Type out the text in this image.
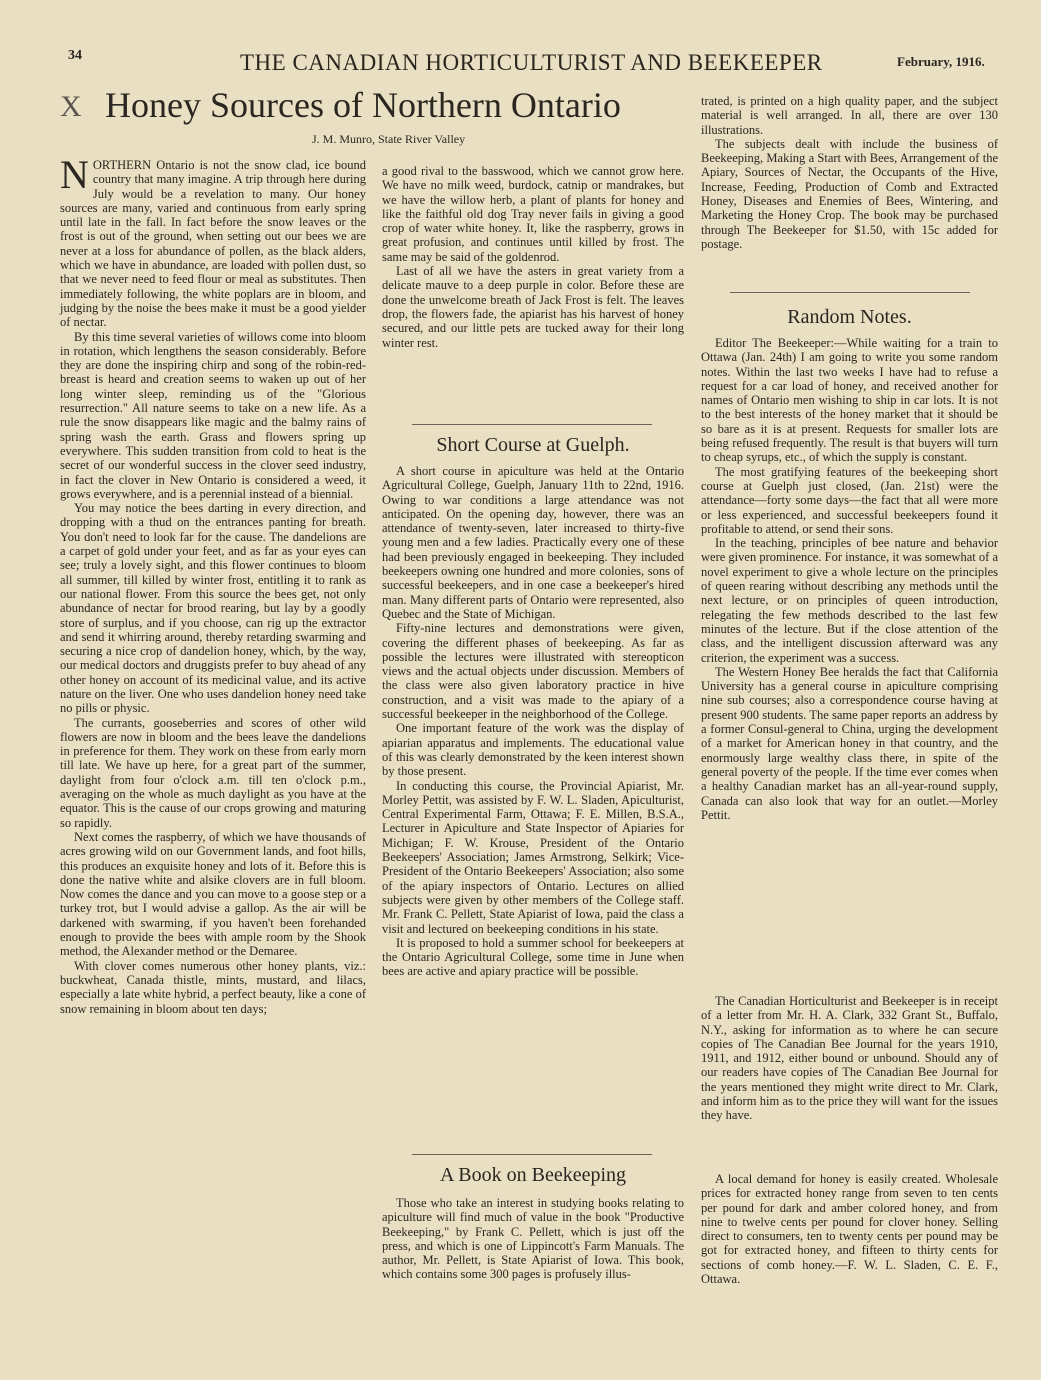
34	THE CANADIAN HORTICULTURIST AND BEEKEEPER	February, 1916.
X Honey Sources of Northern Ontario
J. M. Munro, State River Valley

NORTHERN Ontario is not the snow clad, ice bound country that many imagine. A trip through here during July would be a revelation to many. Our honey sources are many, varied and continuous from early spring until late in the fall. In fact before the snow leaves or the frost is out of the ground, when setting out our bees we are never at a loss for abundance of pollen, as the black alders, which we have in abundance, are loaded with pollen dust, so that we never need to feed flour or meal as substitutes. Then immediately following, the white poplars are in bloom, and judging by the noise the bees make it must be a good yielder of nectar.

By this time several varieties of willows come into bloom in rotation, which lengthens the season considerably. Before they are done the inspiring chirp and song of the robin-red-breast is heard and creation seems to waken up out of her long winter sleep, reminding us of the "Glorious resurrection." All nature seems to take on a new life. As a rule the snow disappears like magic and the balmy rains of spring wash the earth. Grass and flowers spring up everywhere. This sudden transition from cold to heat is the secret of our wonderful success in the clover seed industry, in fact the clover in New Ontario is considered a weed, it grows everywhere, and is a perennial instead of a biennial.

You may notice the bees darting in every direction, and dropping with a thud on the entrances panting for breath. You don't need to look far for the cause. The dandelions are a carpet of gold under your feet, and as far as your eyes can see; truly a lovely sight, and this flower continues to bloom all summer, till killed by winter frost, entitling it to rank as our national flower. From this source the bees get, not only abundance of nectar for brood rearing, but lay by a goodly store of surplus, and if you choose, can rig up the extractor and send it whirring around, thereby retarding swarming and securing a nice crop of dandelion honey, which, by the way, our medical doctors and druggists prefer to buy ahead of any other honey on account of its medicinal value, and its active nature on the liver. One who uses dandelion honey need take no pills or physic.

The currants, gooseberries and scores of other wild flowers are now in bloom and the bees leave the dandelions in preference for them. They work on these from early morn till late. We have up here, for a great part of the summer, daylight from four o'clock a.m. till ten o'clock p.m., averaging on the whole as much daylight as you have at the equator. This is the cause of our crops growing and maturing so rapidly.

Next comes the raspberry, of which we have thousands of acres growing wild on our Government lands, and foot hills, this produces an exquisite honey and lots of it. Before this is done the native white and alsike clovers are in full bloom. Now comes the dance and you can move to a goose step or a turkey trot, but I would advise a gallop. As the air will be darkened with swarming, if you haven't been forehanded enough to provide the bees with ample room by the Shook method, the Alexander method or the Demaree.

With clover comes numerous other honey plants, viz.: buckwheat, Canada thistle, mints, mustard, and lilacs, especially a late white hybrid, a perfect beauty, like a cone of snow remaining in bloom about ten days;

a good rival to the basswood, which we cannot grow here. We have no milk weed, burdock, catnip or mandrakes, but we have the willow herb, a plant of plants for honey and like the faithful old dog Tray never fails in giving a good crop of water white honey. It, like the raspberry, grows in great profusion, and continues until killed by frost. The same may be said of the goldenrod.

Last of all we have the asters in great variety from a delicate mauve to a deep purple in color. Before these are done the unwelcome breath of Jack Frost is felt. The leaves drop, the flowers fade, the apiarist has his harvest of honey secured, and our little pets are tucked away for their long winter rest.

Short Course at Guelph.

A short course in apiculture was held at the Ontario Agricultural College, Guelph, January 11th to 22nd, 1916. Owing to war conditions a large attendance was not anticipated. On the opening day, however, there was an attendance of twenty-seven, later increased to thirty-five young men and a few ladies. Practically every one of these had been previously engaged in beekeeping. They included beekeepers owning one hundred and more colonies, sons of successful beekeepers, and in one case a beekeeper's hired man. Many different parts of Ontario were represented, also Quebec and the State of Michigan.

Fifty-nine lectures and demonstrations were given, covering the different phases of beekeeping. As far as possible the lectures were illustrated with stereopticon views and the actual objects under discussion. Members of the class were also given laboratory practice in hive construction, and a visit was made to the apiary of a successful beekeeper in the neighborhood of the College.

One important feature of the work was the display of apiarian apparatus and implements. The educational value of this was clearly demonstrated by the keen interest shown by those present.

In conducting this course, the Provincial Apiarist, Mr. Morley Pettit, was assisted by F. W. L. Sladen, Apiculturist, Central Experimental Farm, Ottawa; F. E. Millen, B.S.A., Lecturer in Apiculture and State Inspector of Apiaries for Michigan; F. W. Krouse, President of the Ontario Beekeepers' Association; James Armstrong, Selkirk; Vice-President of the Ontario Beekeepers' Association; also some of the apiary inspectors of Ontario. Lectures on allied subjects were given by other members of the College staff. Mr. Frank C. Pellett, State Apiarist of Iowa, paid the class a visit and lectured on beekeeping conditions in his state.

It is proposed to hold a summer school for beekeepers at the Ontario Agricultural College, some time in June when bees are active and apiary practice will be possible.

A Book on Beekeeping

Those who take an interest in studying books relating to apiculture will find much of value in the book "Productive Beekeeping," by Frank C. Pellett, which is just off the press, and which is one of Lippincott's Farm Manuals. The author, Mr. Pellett, is State Apiarist of Iowa. This book, which contains some 300 pages is profusely illus-

trated, is printed on a high quality paper, and the subject material is well arranged. In all, there are over 130 illustrations.

The subjects dealt with include the business of Beekeeping, Making a Start with Bees, Arrangement of the Apiary, Sources of Nectar, the Occupants of the Hive, Increase, Feeding, Production of Comb and Extracted Honey, Diseases and Enemies of Bees, Wintering, and Marketing the Honey Crop. The book may be purchased through The Beekeeper for $1.50, with 15c added for postage.

Random Notes.

Editor The Beekeeper:—While waiting for a train to Ottawa (Jan. 24th) I am going to write you some random notes. Within the last two weeks I have had to refuse a request for a car load of honey, and received another for names of Ontario men wishing to ship in car lots. It is not to the best interests of the honey market that it should be so bare as it is at present. Requests for smaller lots are being refused frequently. The result is that buyers will turn to cheap syrups, etc., of which the supply is constant.

The most gratifying features of the beekeeping short course at Guelph just closed, (Jan. 21st) were the attendance—forty some days—the fact that all were more or less experienced, and successful beekeepers found it profitable to attend, or send their sons.

In the teaching, principles of bee nature and behavior were given prominence. For instance, it was somewhat of a novel experiment to give a whole lecture on the principles of queen rearing without describing any methods until the next lecture, or on principles of queen introduction, relegating the few methods described to the last few minutes of the lecture. But if the close attention of the class, and the intelligent discussion afterward was any criterion, the experiment was a success.

The Western Honey Bee heralds the fact that California University has a general course in apiculture comprising nine sub courses; also a correspondence course having at present 900 students. The same paper reports an address by a former Consul-general to China, urging the development of a market for American honey in that country, and the enormously large wealthy class there, in spite of the general poverty of the people. If the time ever comes when a healthy Canadian market has an all-year-round supply, Canada can also look that way for an outlet.—Morley Pettit.

The Canadian Horticulturist and Beekeeper is in receipt of a letter from Mr. H. A. Clark, 332 Grant St., Buffalo, N.Y., asking for information as to where he can secure copies of The Canadian Bee Journal for the years 1910, 1911, and 1912, either bound or unbound. Should any of our readers have copies of The Canadian Bee Journal for the years mentioned they might write direct to Mr. Clark, and inform him as to the price they will want for the issues they have.

A local demand for honey is easily created. Wholesale prices for extracted honey range from seven to ten cents per pound for dark and amber colored honey, and from nine to twelve cents per pound for clover honey. Selling direct to consumers, ten to twenty cents per pound may be got for extracted honey, and fifteen to thirty cents for sections of comb honey.—F. W. L. Sladen, C. E. F., Ottawa.
